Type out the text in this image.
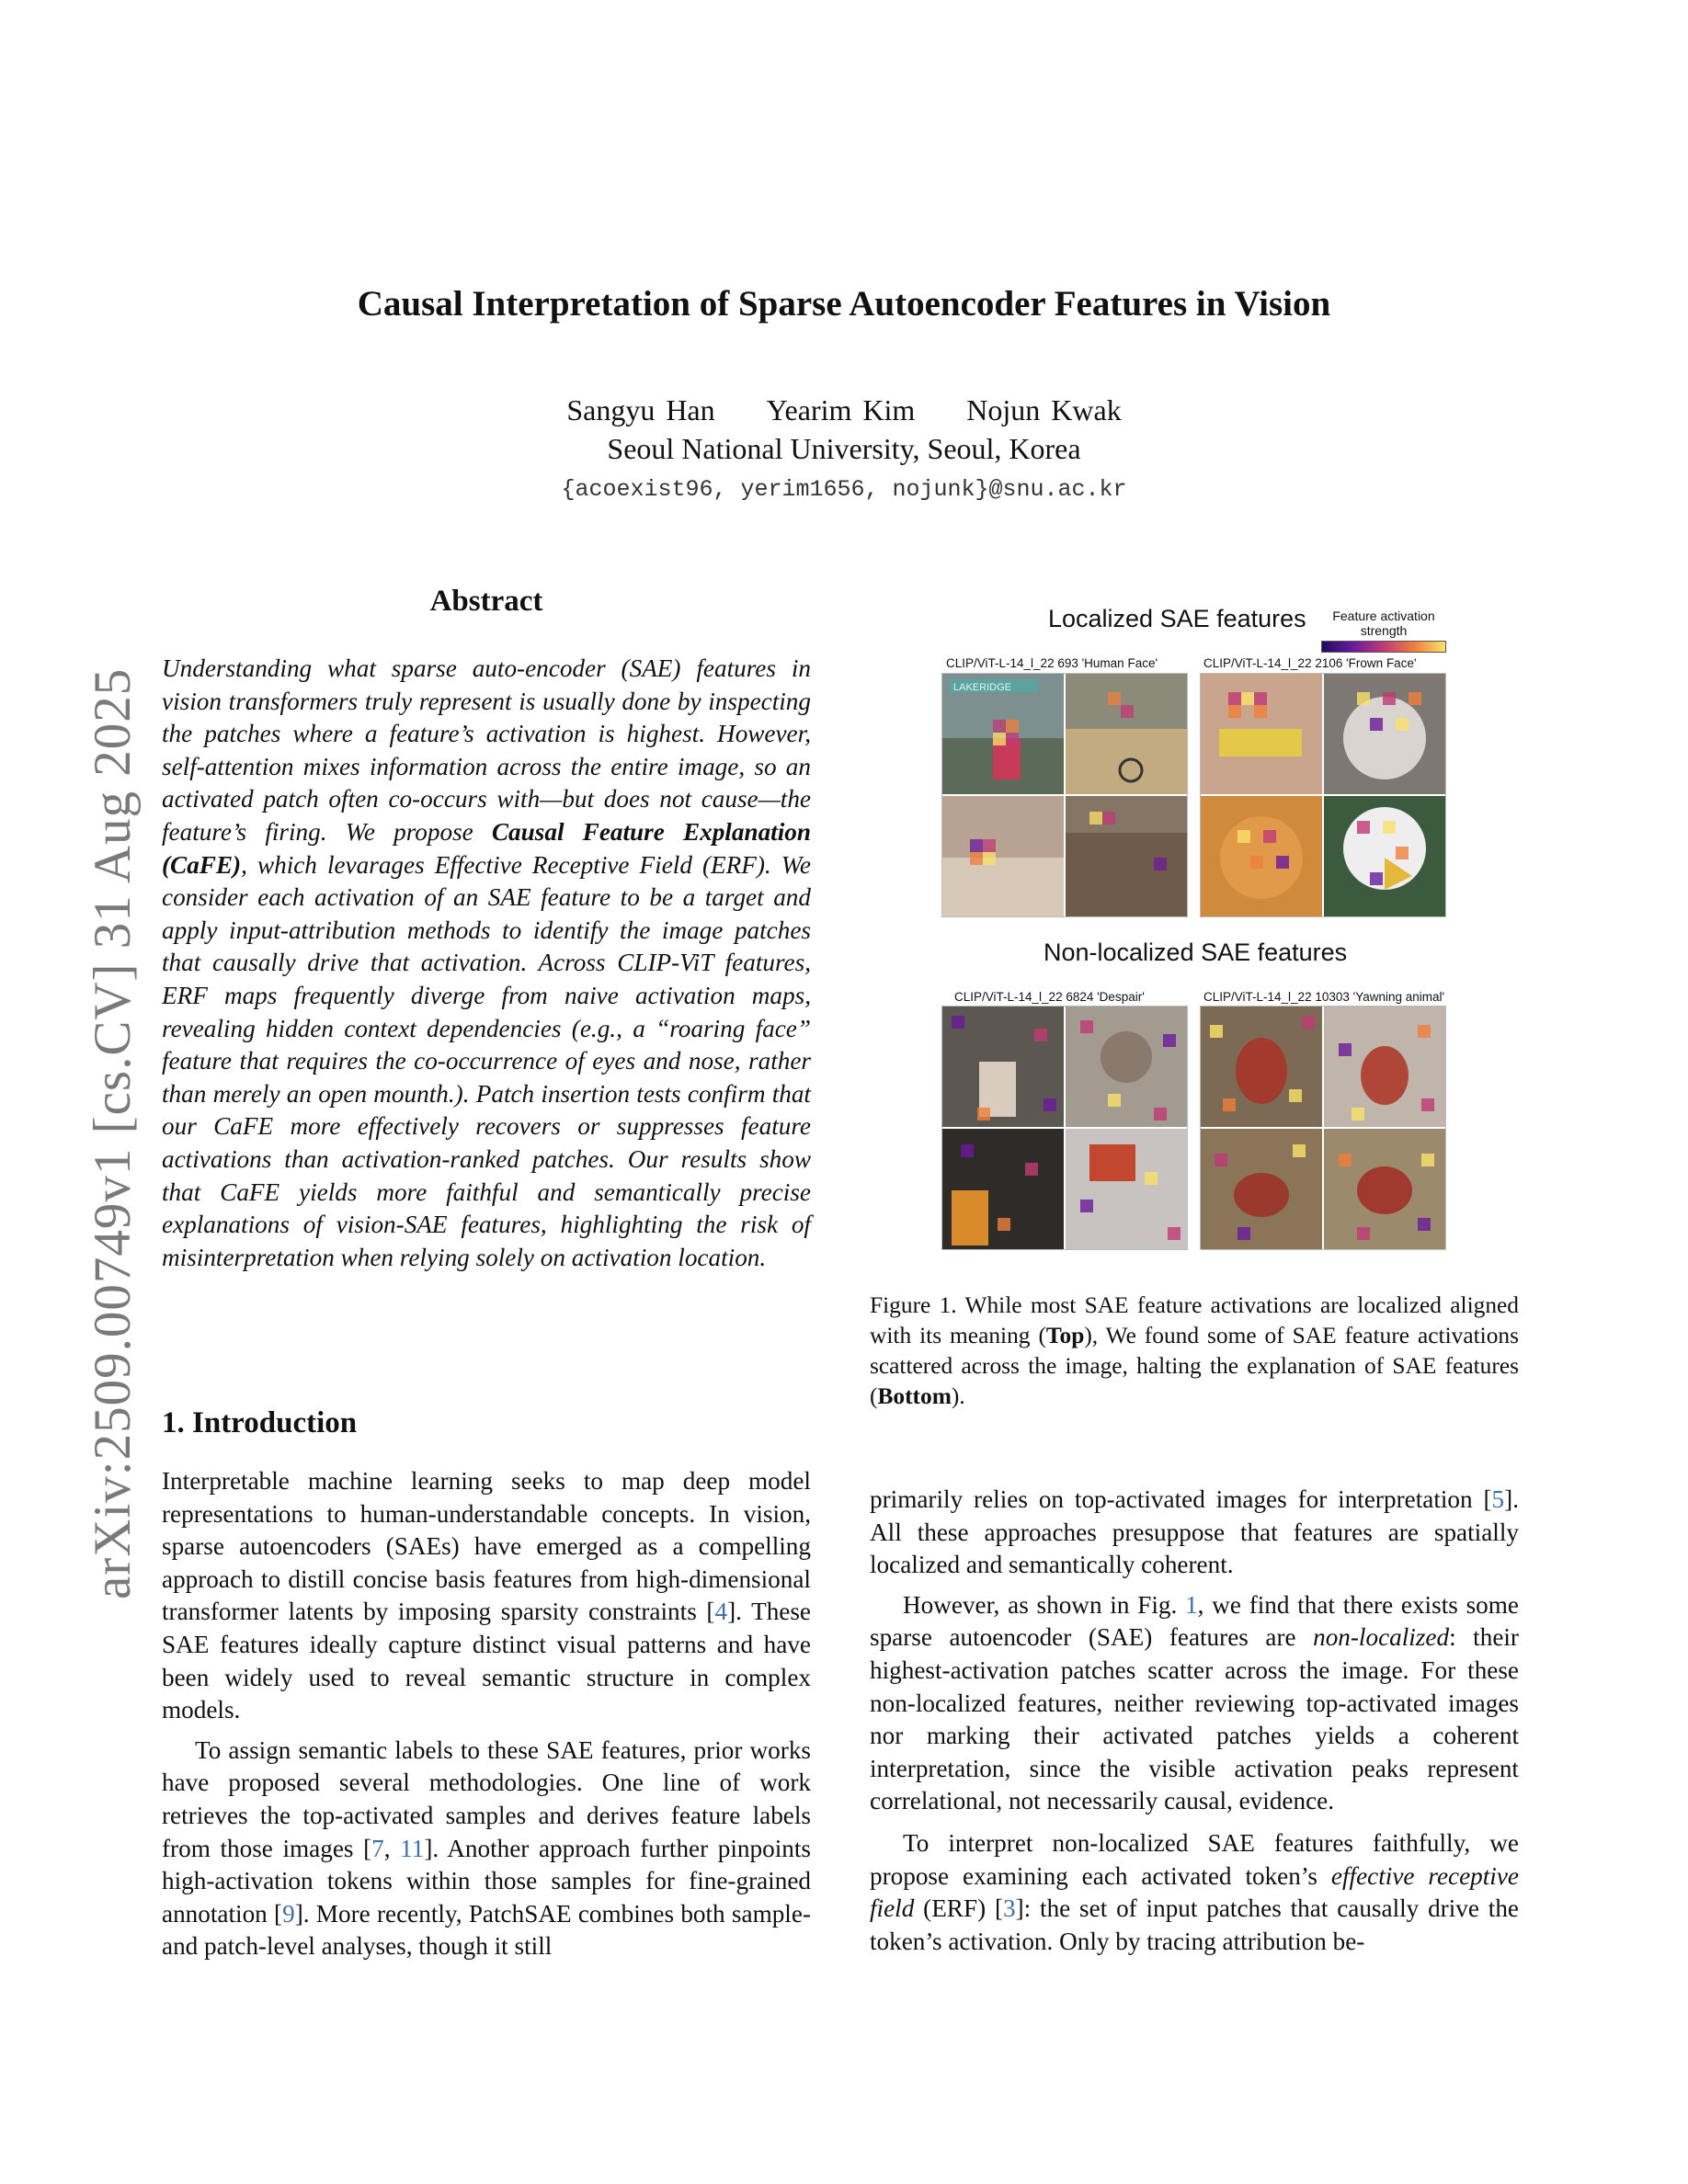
arXiv:2509.00749v1 [cs.CV] 31 Aug 2025
Causal Interpretation of Sparse Autoencoder Features in Vision
Sangyu Han Yearim Kim Nojun Kwak
Seoul National University, Seoul, Korea
{acoexist96, yerim1656, nojunk}@snu.ac.kr
Abstract
Understanding what sparse auto-encoder (SAE) features in vision transformers truly represent is usually done by inspecting the patches where a feature’s activation is highest. However, self-attention mixes information across the entire image, so an activated patch often co-occurs with—but does not cause—the feature’s firing. We propose Causal Feature Explanation (CaFE), which levarages Effective Receptive Field (ERF). We consider each activation of an SAE feature to be a target and apply input-attribution methods to identify the image patches that causally drive that activation. Across CLIP-ViT features, ERF maps frequently diverge from naive activation maps, revealing hidden context dependencies (e.g., a “roaring face” feature that requires the co-occurrence of eyes and nose, rather than merely an open mounth.). Patch insertion tests confirm that our CaFE more effectively recovers or suppresses feature activations than activation-ranked patches. Our results show that CaFE yields more faithful and semantically precise explanations of vision-SAE features, highlighting the risk of misinterpretation when relying solely on activation location.
1. Introduction

Interpretable machine learning seeks to map deep model representations to human-understandable concepts. In vision, sparse autoencoders (SAEs) have emerged as a compelling approach to distill concise basis features from high-dimensional transformer latents by imposing sparsity constraints [4]. These SAE features ideally capture distinct visual patterns and have been widely used to reveal semantic structure in complex models.

To assign semantic labels to these SAE features, prior works have proposed several methodologies. One line of work retrieves the top-activated samples and derives feature labels from those images [7, 11]. Another approach further pinpoints high-activation tokens within those samples for fine-grained annotation [9]. More recently, PatchSAE combines both sample- and patch-level analyses, though it still

primarily relies on top-activated images for interpretation [5]. All these approaches presuppose that features are spatially localized and semantically coherent.

However, as shown in Fig. 1, we find that there exists some sparse autoencoder (SAE) features are non-localized: their highest-activation patches scatter across the image. For these non-localized features, neither reviewing top-activated images nor marking their activated patches yields a coherent interpretation, since the visible activation peaks represent correlational, not necessarily causal, evidence.

To interpret non-localized SAE features faithfully, we propose examining each activated token’s effective receptive field (ERF) [3]: the set of input patches that causally drive the token’s activation. Only by tracing attribution be-

Localized SAE features	Feature activation
strength
CLIP/ViT-L-14_l_22 693 'Human Face'	CLIP/ViT-L-14_l_22 2106 'Frown Face'
LAKERIDGE
Non-localized SAE features
CLIP/ViT-L-14_l_22 6824 'Despair'	CLIP/ViT-L-14_l_22 10303 'Yawning animal'
Figure 1. While most SAE feature activations are localized aligned with its meaning (Top), We found some of SAE feature activations scattered across the image, halting the explanation of SAE features (Bottom).
